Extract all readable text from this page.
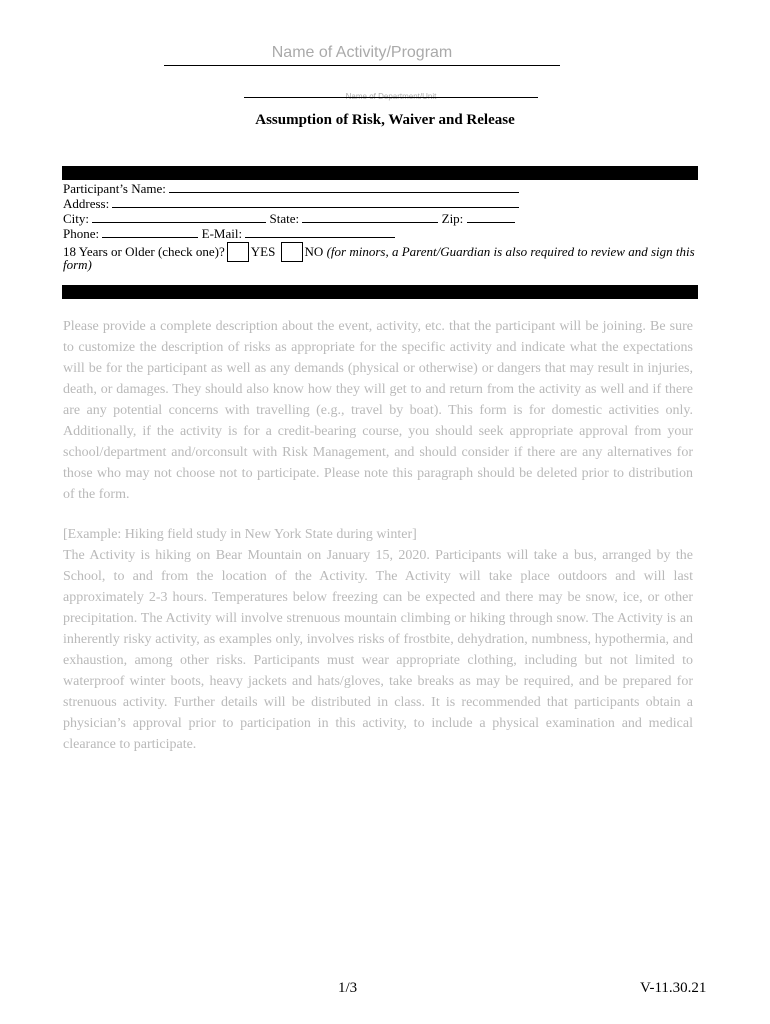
Name of Activity/Program
Name of Department/Unit
Assumption of Risk, Waiver and Release
GENERAL INFORMATION
Participant’s Name:
Address:
City:	State:	Zip:
Phone:	E-Mail:
18 Years or Older (check one)? YES NO (for minors, a Parent/Guardian is also required to review and sign this
form)
ABOUT THE ACTIVITY
Please provide a complete description about the event, activity, etc. that the participant will be joining. Be sure to customize the description of risks as appropriate for the specific activity and indicate what the expectations will be for the participant as well as any demands (physical or otherwise) or dangers that may result in injuries, death, or damages. They should also know how they will get to and return from the activity as well and if there are any potential concerns with travelling (e.g., travel by boat). This form is for domestic activities only. Additionally, if the activity is for a credit-bearing course, you should seek appropriate approval from your school/department and/orconsult with Risk Management, and should consider if there are any alternatives for those who may not choose not to participate. Please note this paragraph should be deleted prior to distribution of the form.
[Example: Hiking field study in New York State during winter]
The Activity is hiking on Bear Mountain on January 15, 2020. Participants will take a bus, arranged by the School, to and from the location of the Activity. The Activity will take place outdoors and will last approximately 2-3 hours. Temperatures below freezing can be expected and there may be snow, ice, or other precipitation. The Activity will involve strenuous mountain climbing or hiking through snow. The Activity is an inherently risky activity, as examples only, involves risks of frostbite, dehydration, numbness, hypothermia, and exhaustion, among other risks. Participants must wear appropriate clothing, including but not limited to waterproof winter boots, heavy jackets and hats/gloves, take breaks as may be required, and be prepared for strenuous activity. Further details will be distributed in class. It is recommended that participants obtain a physician’s approval prior to participation in this activity, to include a physical examination and medical clearance to participate.
1/3	V-11.30.21
